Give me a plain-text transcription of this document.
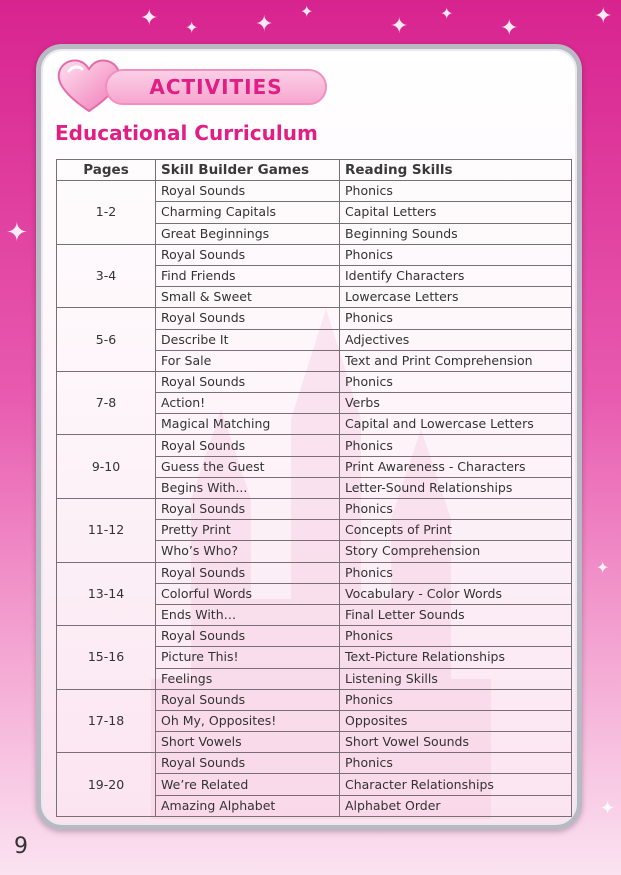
✦ ✦	✦
✦
✦
✦
✦	✦
✦
✦
✦
ACTIVITIES
Educational Curriculum
Pages	Skill Builder Games	Reading Skills
1-2	Royal Sounds	Phonics
	Charming Capitals	Capital Letters
	Great Beginnings	Beginning Sounds
3-4	Royal Sounds	Phonics
	Find Friends	Identify Characters
	Small & Sweet	Lowercase Letters
5-6	Royal Sounds	Phonics
	Describe It	Adjectives
	For Sale	Text and Print Comprehension
7-8	Royal Sounds	Phonics
	Action!	Verbs
	Magical Matching	Capital and Lowercase Letters
9-10	Royal Sounds	Phonics
	Guess the Guest	Print Awareness - Characters
	Begins With...	Letter-Sound Relationships
11-12	Royal Sounds	Phonics
	Pretty Print	Concepts of Print
	Who’s Who?	Story Comprehension
13-14	Royal Sounds	Phonics
	Colorful Words	Vocabulary - Color Words
	Ends With…	Final Letter Sounds
15-16	Royal Sounds	Phonics
	Picture This!	Text-Picture Relationships
	Feelings	Listening Skills
17-18	Royal Sounds	Phonics
	Oh My, Opposites!	Opposites
	Short Vowels	Short Vowel Sounds
19-20	Royal Sounds	Phonics
	We’re Related	Character Relationships
	Amazing Alphabet	Alphabet Order
9
